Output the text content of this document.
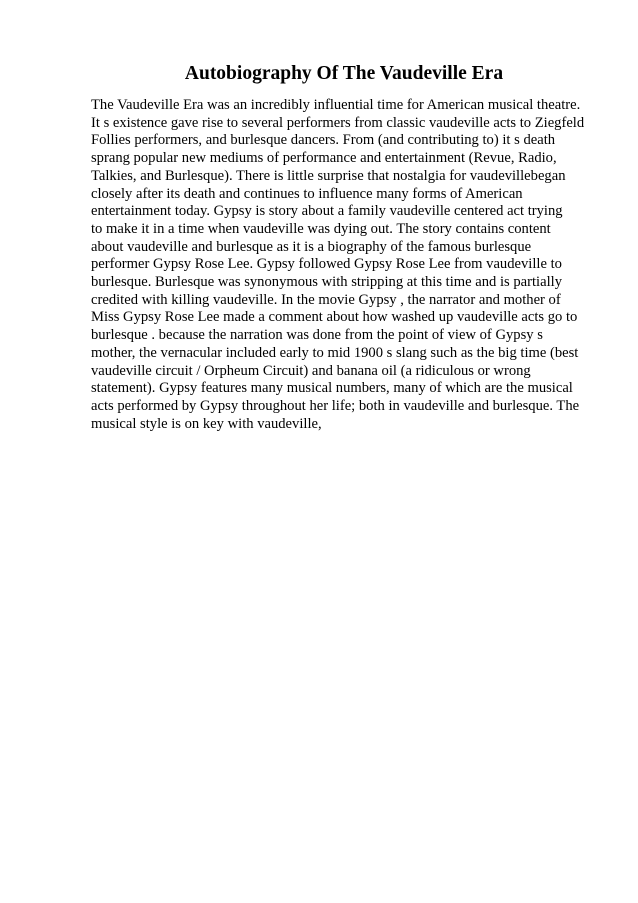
Autobiography Of The Vaudeville Era
The Vaudeville Era was an incredibly influential time for American musical theatre.
It s existence gave rise to several performers from classic vaudeville acts to Ziegfeld
Follies performers, and burlesque dancers. From (and contributing to) it s death
sprang popular new mediums of performance and entertainment (Revue, Radio,
Talkies, and Burlesque). There is little surprise that nostalgia for vaudevillebegan
closely after its death and continues to influence many forms of American
entertainment today. Gypsy is story about a family vaudeville centered act trying
to make it in a time when vaudeville was dying out. The story contains content
about vaudeville and burlesque as it is a biography of the famous burlesque
performer Gypsy Rose Lee. Gypsy followed Gypsy Rose Lee from vaudeville to
burlesque. Burlesque was synonymous with stripping at this time and is partially
credited with killing vaudeville. In the movie Gypsy , the narrator and mother of
Miss Gypsy Rose Lee made a comment about how washed up vaudeville acts go to
burlesque . because the narration was done from the point of view of Gypsy s
mother, the vernacular included early to mid 1900 s slang such as the big time (best
vaudeville circuit / Orpheum Circuit) and banana oil (a ridiculous or wrong
statement). Gypsy features many musical numbers, many of which are the musical
acts performed by Gypsy throughout her life; both in vaudeville and burlesque. The
musical style is on key with vaudeville,
